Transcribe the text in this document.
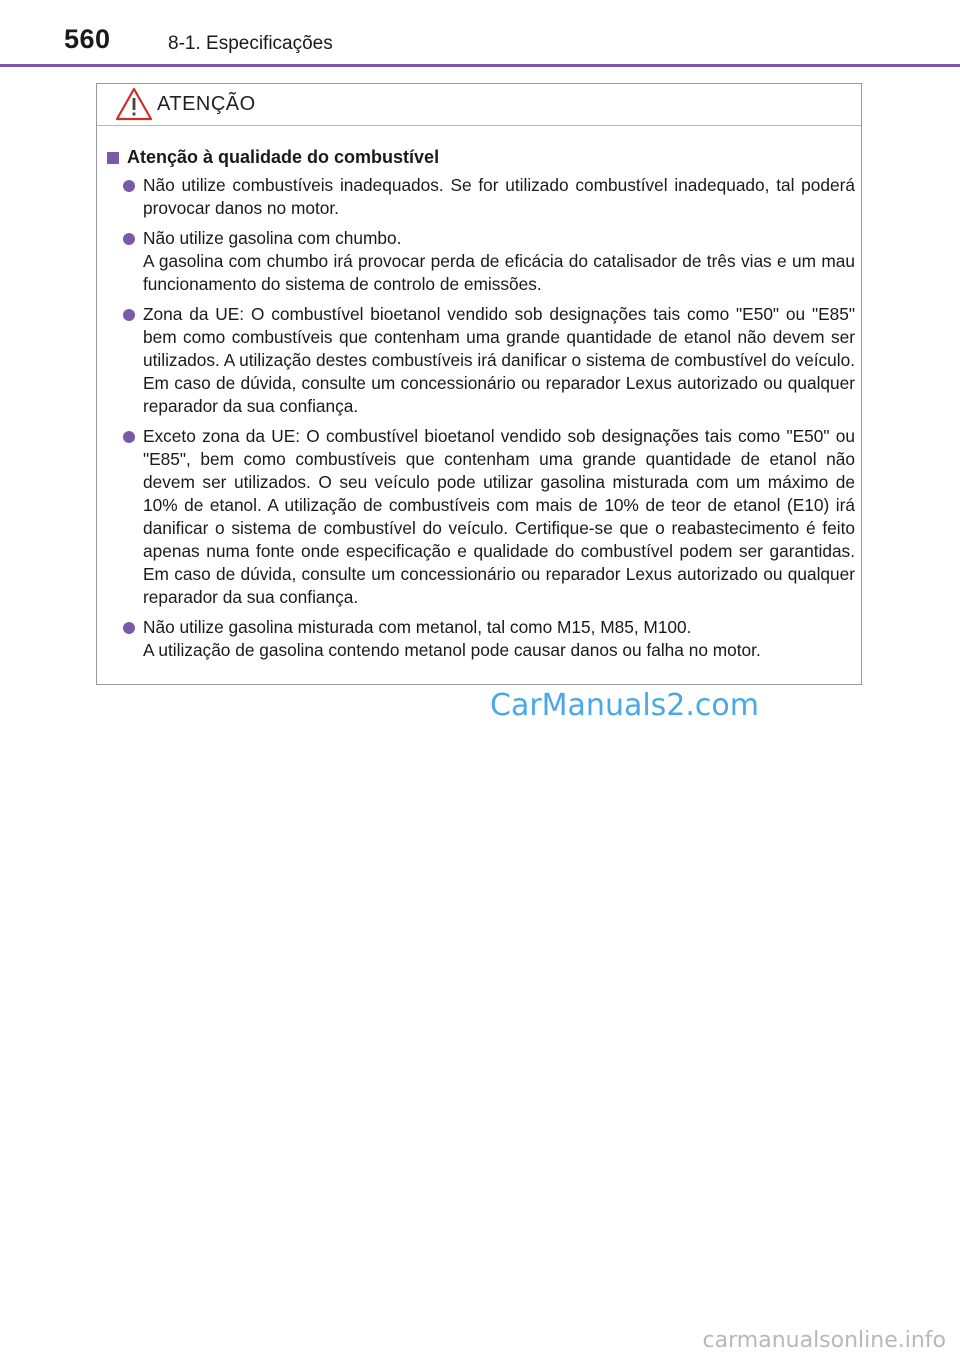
560	8-1. Especificações
ATENÇÃO
Atenção à qualidade do combustível
Não utilize combustíveis inadequados. Se for utilizado combustível inadequado, tal poderá provocar danos no motor.
Não utilize gasolina com chumbo.
A gasolina com chumbo irá provocar perda de eficácia do catalisador de três vias e um mau funcionamento do sistema de controlo de emissões.
Zona da UE: O combustível bioetanol vendido sob designações tais como "E50" ou "E85" bem como combustíveis que contenham uma grande quantidade de etanol não devem ser utilizados. A utilização destes combustíveis irá danificar o sistema de combustível do veículo. Em caso de dúvida, consulte um concessionário ou reparador Lexus autorizado ou qualquer reparador da sua confiança.
Exceto zona da UE: O combustível bioetanol vendido sob designações tais como "E50" ou "E85", bem como combustíveis que contenham uma grande quantidade de etanol não devem ser utilizados. O seu veículo pode utilizar gasolina misturada com um máximo de 10% de etanol. A utilização de combustíveis com mais de 10% de teor de etanol (E10) irá danificar o sistema de combustível do veículo. Certifique-se que o reabastecimento é feito apenas numa fonte onde especificação e qualidade do combustível podem ser garantidas. Em caso de dúvida, consulte um concessionário ou reparador Lexus autorizado ou qualquer reparador da sua confiança.
Não utilize gasolina misturada com metanol, tal como M15, M85, M100.
A utilização de gasolina contendo metanol pode causar danos ou falha no motor.
CarManuals2.com
carmanualsonline.info
